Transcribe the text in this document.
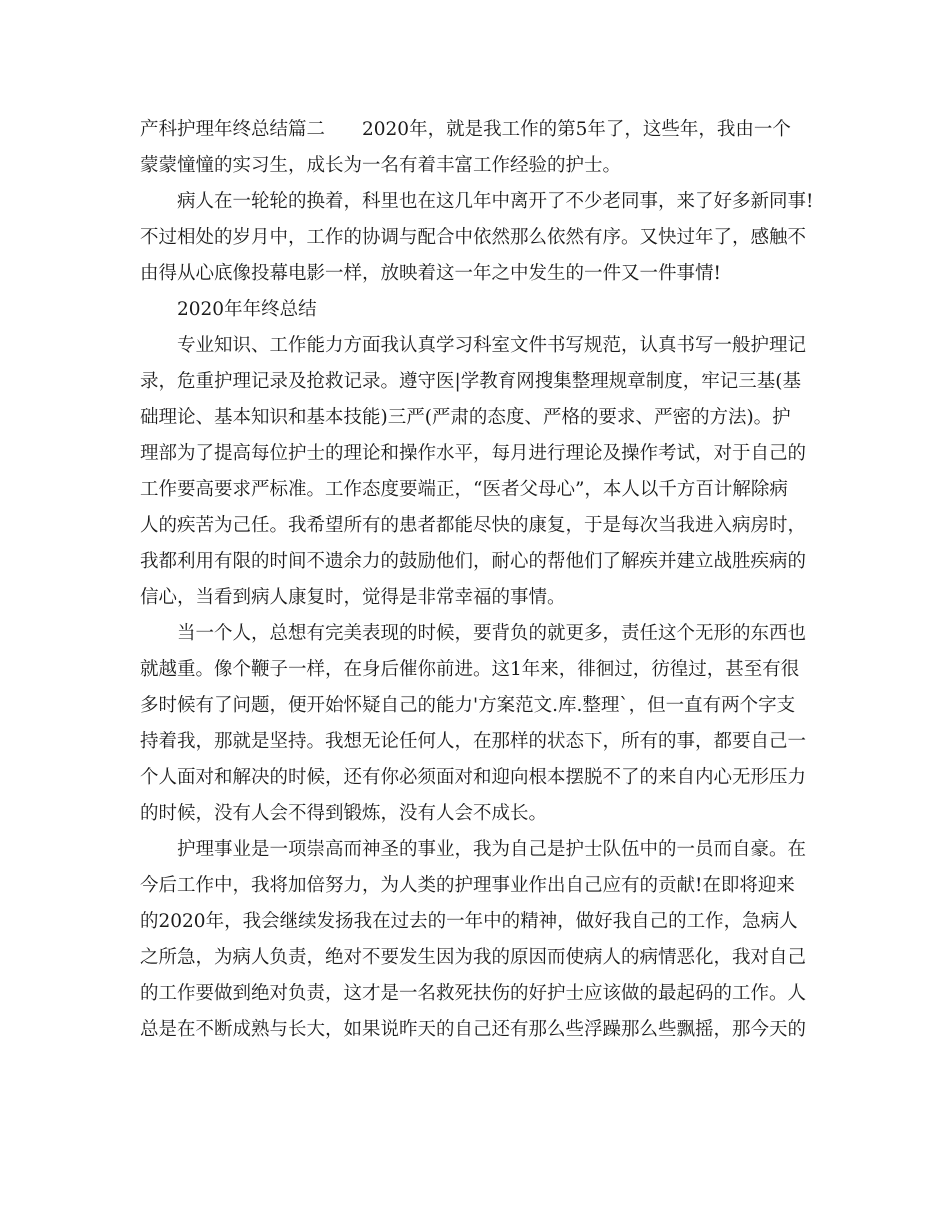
产科护理年终总结篇二　　2020年，就是我工作的第5年了，这些年，我由一个

蒙蒙憧憧的实习生，成长为一名有着丰富工作经验的护士。

病人在一轮轮的换着，科里也在这几年中离开了不少老同事，来了好多新同事!

不过相处的岁月中，工作的协调与配合中依然那么依然有序。又快过年了，感触不

由得从心底像投幕电影一样，放映着这一年之中发生的一件又一件事情!

2020年年终总结

专业知识、工作能力方面我认真学习科室文件书写规范，认真书写一般护理记

录，危重护理记录及抢救记录。遵守医|学教育网搜集整理规章制度，牢记三基(基

础理论、基本知识和基本技能)三严(严肃的态度、严格的要求、严密的方法)。护

理部为了提高每位护士的理论和操作水平，每月进行理论及操作考试，对于自己的

工作要高要求严标准。工作态度要端正，“医者父母心”，本人以千方百计解除病

人的疾苦为己任。我希望所有的患者都能尽快的康复，于是每次当我进入病房时，

我都利用有限的时间不遗余力的鼓励他们，耐心的帮他们了解疾并建立战胜疾病的

信心，当看到病人康复时，觉得是非常幸福的事情。

当一个人，总想有完美表现的时候，要背负的就更多，责任这个无形的东西也

就越重。像个鞭子一样，在身后催你前进。这1年来，徘徊过，彷徨过，甚至有很

多时候有了问题，便开始怀疑自己的能力'方案范文.库.整理`，但一直有两个字支

持着我，那就是坚持。我想无论任何人，在那样的状态下，所有的事，都要自己一

个人面对和解决的时候，还有你必须面对和迎向根本摆脱不了的来自内心无形压力

的时候，没有人会不得到锻炼，没有人会不成长。

护理事业是一项崇高而神圣的事业，我为自己是护士队伍中的一员而自豪。在

今后工作中，我将加倍努力，为人类的护理事业作出自己应有的贡献!在即将迎来

的2020年，我会继续发扬我在过去的一年中的精神，做好我自己的工作，急病人

之所急，为病人负责，绝对不要发生因为我的原因而使病人的病情恶化，我对自己

的工作要做到绝对负责，这才是一名救死扶伤的好护士应该做的最起码的工作。人

总是在不断成熟与长大，如果说昨天的自己还有那么些浮躁那么些飘摇，那今天的
